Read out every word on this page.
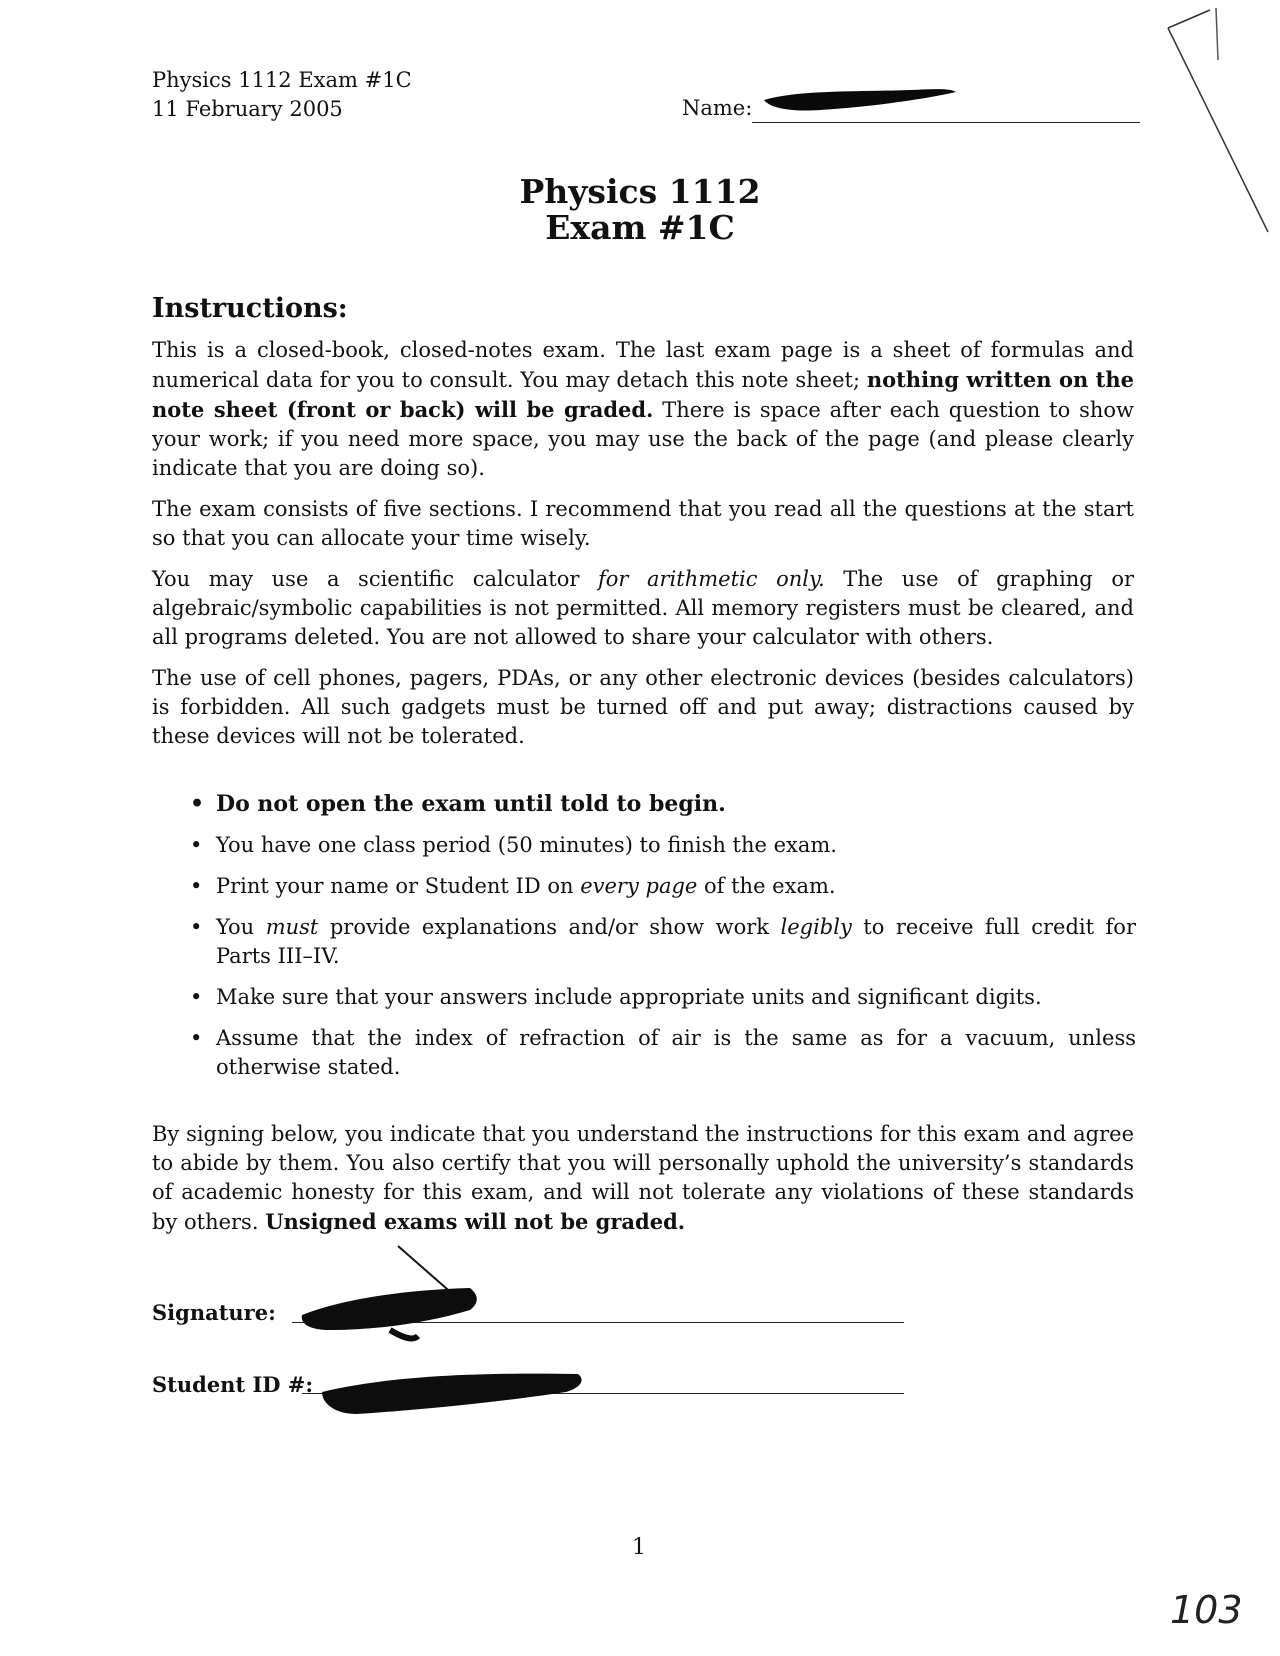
Physics 1112 Exam #1C
11 February 2005	Name:
Physics 1112
Exam #1C
Instructions:

This is a closed-book, closed-notes exam. The last exam page is a sheet of formulas and numerical data for you to consult. You may detach this note sheet; nothing written on the note sheet (front or back) will be graded. There is space after each question to show your work; if you need more space, you may use the back of the page (and please clearly indicate that you are doing so).

The exam consists of five sections. I recommend that you read all the questions at the start so that you can allocate your time wisely.

You may use a scientific calculator for arithmetic only. The use of graphing or algebraic/symbolic capabilities is not permitted. All memory registers must be cleared, and all programs deleted. You are not allowed to share your calculator with others.

The use of cell phones, pagers, PDAs, or any other electronic devices (besides calculators) is forbidden. All such gadgets must be turned off and put away; distractions caused by these devices will not be tolerated.

• Do not open the exam until told to begin.
• You have one class period (50 minutes) to finish the exam.
• Print your name or Student ID on every page of the exam.
• You must provide explanations and/or show work legibly to receive full credit for Parts III–IV.
• Make sure that your answers include appropriate units and significant digits.
• Assume that the index of refraction of air is the same as for a vacuum, unless otherwise stated.
By signing below, you indicate that you understand the instructions for this exam and agree to abide by them. You also certify that you will personally uphold the university’s standards of academic honesty for this exam, and will not tolerate any violations of these standards by others. Unsigned exams will not be graded.
Signature:
Student ID #:
1
103
